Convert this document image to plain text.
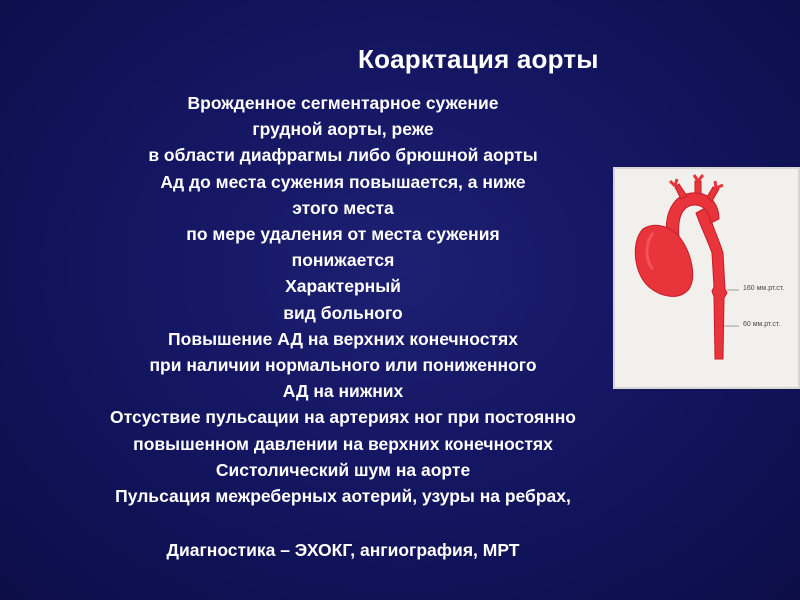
Коарктация аорты
Врожденное сегментарное сужение
грудной аорты, реже
в области диафрагмы либо брюшной аорты
Ад до места сужения повышается, а ниже
этого места
по мере удаления от места сужения
понижается
Характерный
вид больного
Повышение АД на верхних конечностях
при наличии нормального или пониженного
АД на нижних
Отсуствие пульсации на артериях ног при постоянно
повышенном давлении на верхних конечностях
Систолический шум на аорте
Пульсация межреберных аотерий, узуры на ребрах,
Диагностика – ЭХОКГ, ангиография, МРТ
160 мм.рт.ст.
60 мм.рт.ст.
